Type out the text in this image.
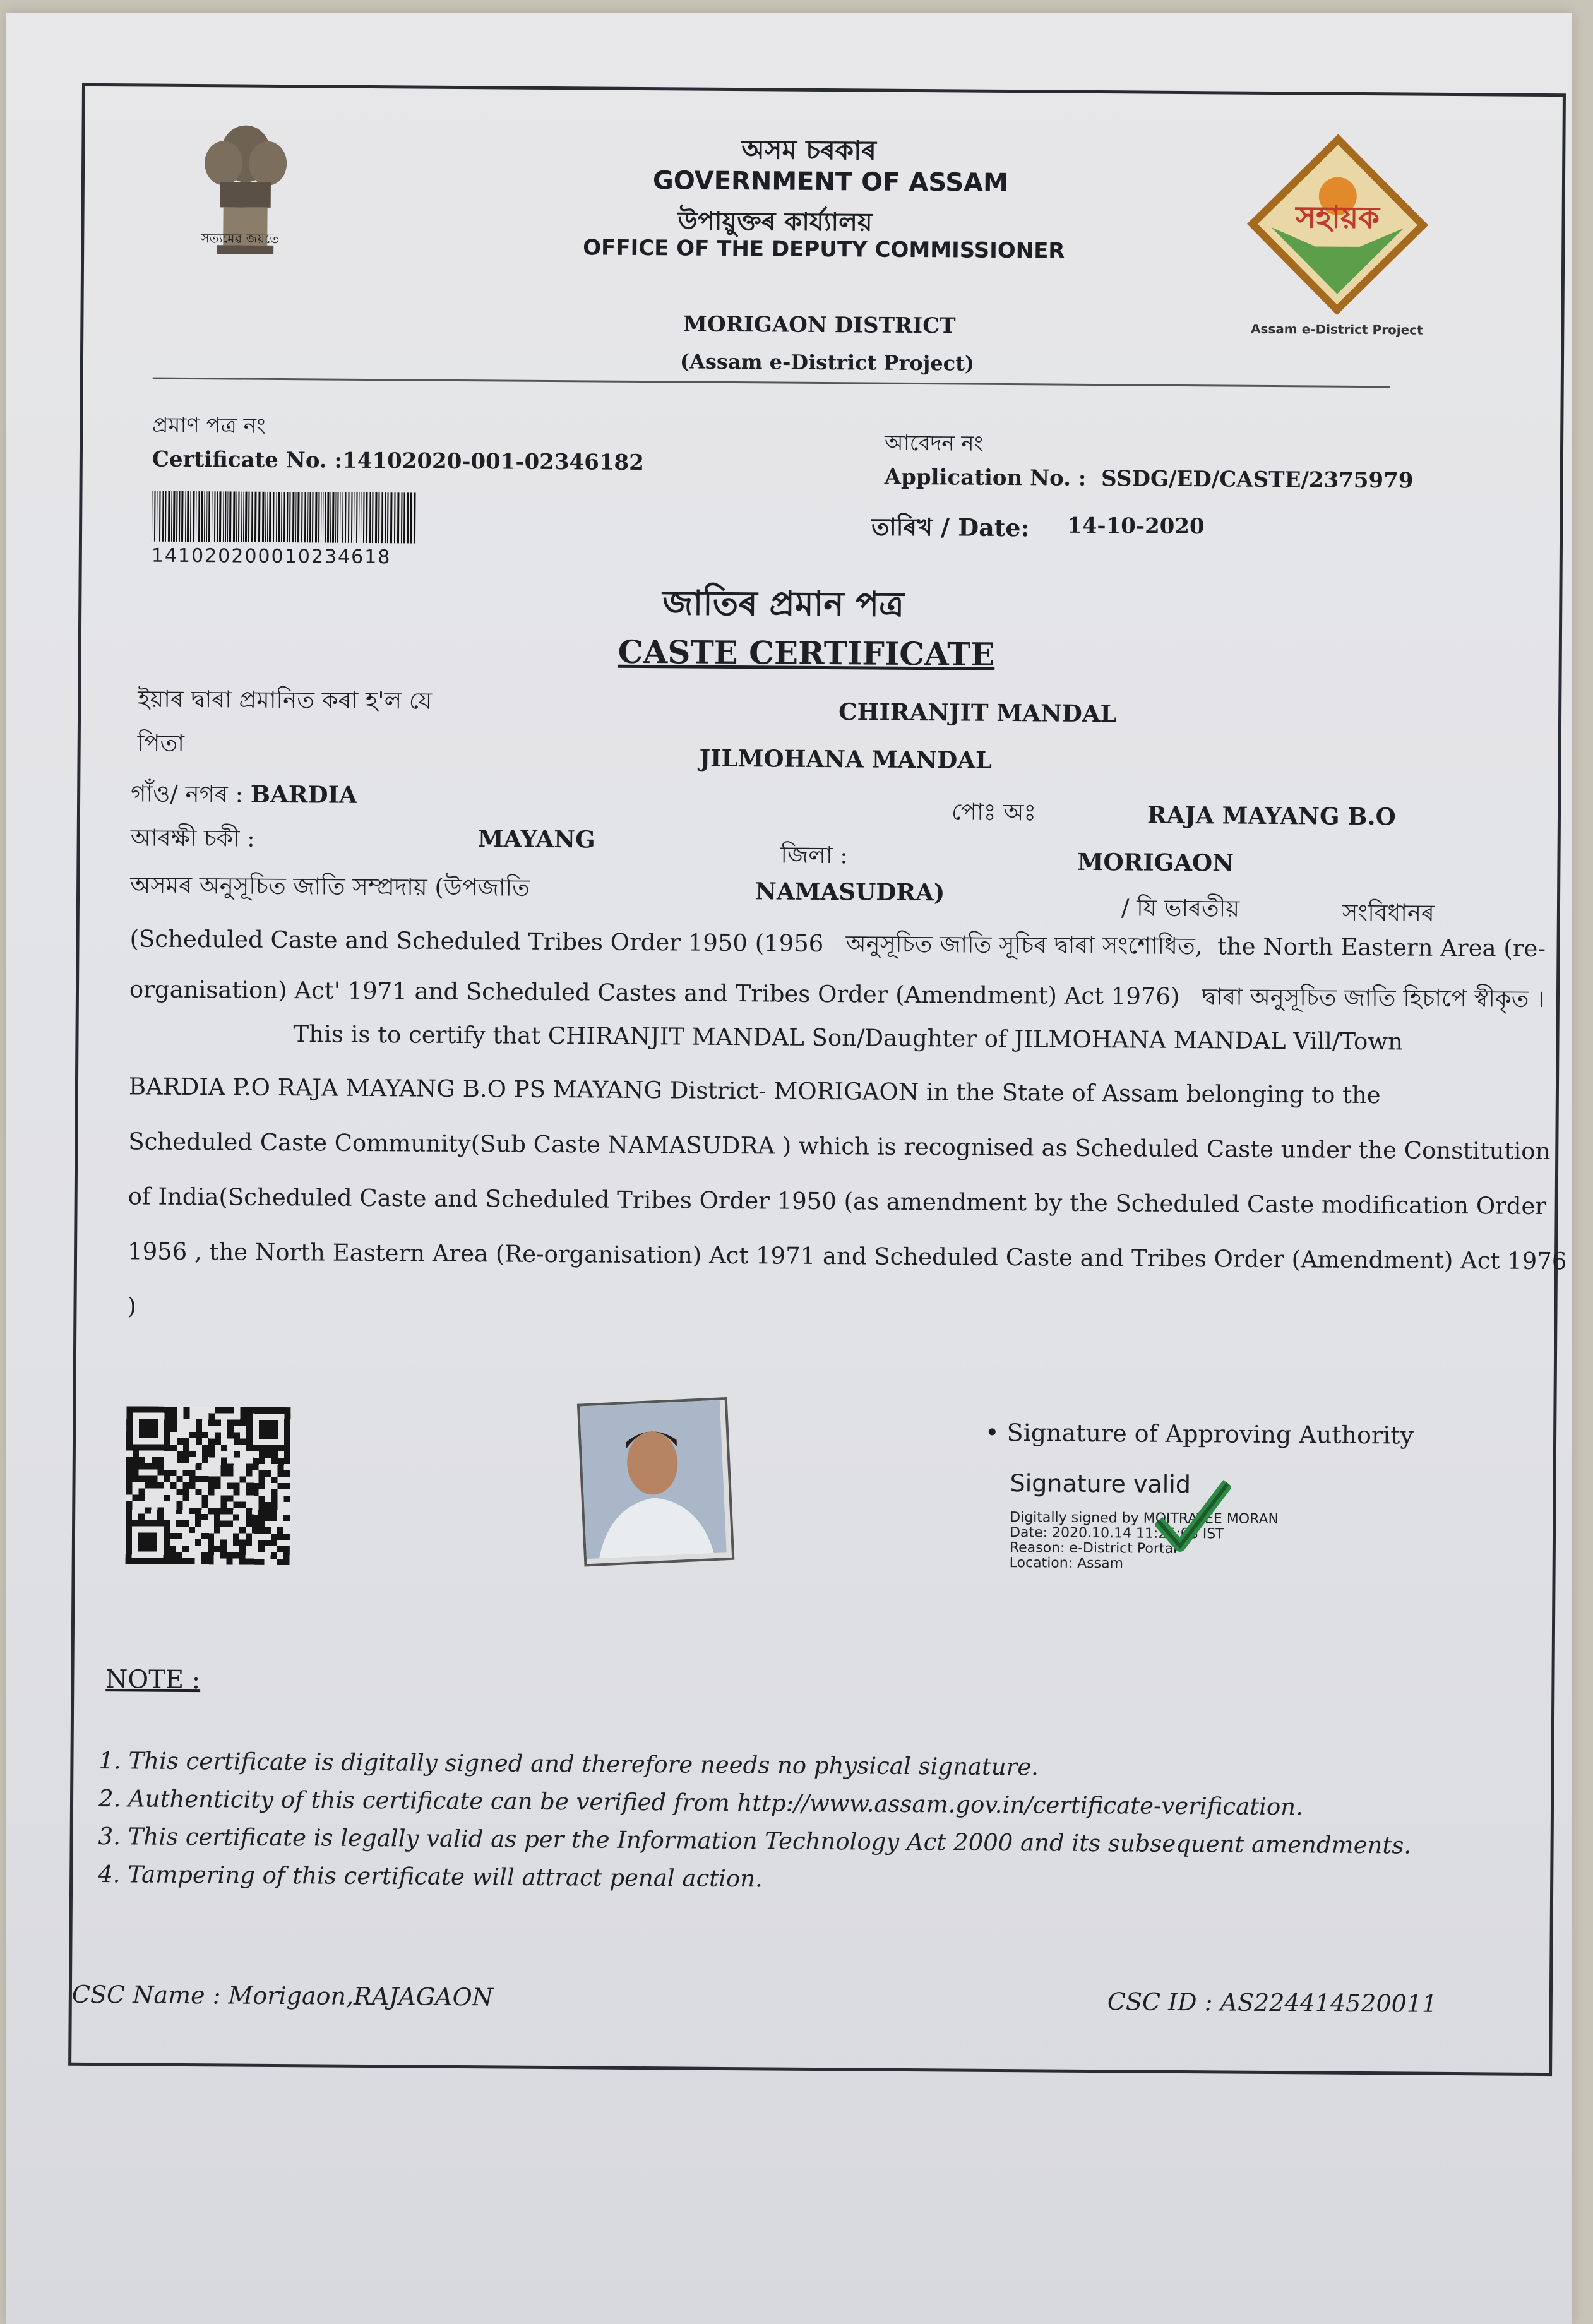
সত্যমেৱ জয়তে
অসম চৰকাৰ
GOVERNMENT OF ASSAM
উপায়ুক্তৰ কাৰ্য্যালয়
OFFICE OF THE DEPUTY COMMISSIONER
MORIGAON DISTRICT
(Assam e-District Project)
সহায়ক
Assam e-District Project
প্ৰমাণ পত্ৰ নং
Certificate No. :14102020-001-02346182
141020200010234618
আবেদন নং
Application No. : SSDG/ED/CASTE/2375979
তাৰিখ / Date: 14-10-2020
জাতিৰ প্ৰমান পত্ৰ
CASTE CERTIFICATE
ইয়াৰ দ্বাৰা প্ৰমানিত কৰা হ'ল যে	CHIRANJIT MANDAL
পিতা
JILMOHANA MANDAL
গাঁও/ নগৰ : BARDIA
পোঃ অঃ	RAJA MAYANG B.O
আৰক্ষী চকী :	MAYANG
জিলা :	MORIGAON
অসমৰ অনুসূচিত জাতি সম্প্ৰদায় (উপজাতি	NAMASUDRA)
/ যি ভাৰতীয়	সংবিধানৰ
(Scheduled Caste and Scheduled Tribes Order 1950 (1956 অনুসূচিত জাতি সূচিৰ দ্বাৰা সংশোধিত, the North Eastern Area (re-
organisation) Act' 1971 and Scheduled Castes and Tribes Order (Amendment) Act 1976) দ্বাৰা অনুসূচিত জাতি হিচাপে স্বীকৃত ।
This is to certify that CHIRANJIT MANDAL Son/Daughter of JILMOHANA MANDAL Vill/Town
BARDIA P.O RAJA MAYANG B.O PS MAYANG District- MORIGAON in the State of Assam belonging to the
Scheduled Caste Community(Sub Caste NAMASUDRA ) which is recognised as Scheduled Caste under the Constitution
of India(Scheduled Caste and Scheduled Tribes Order 1950 (as amendment by the Scheduled Caste modification Order
1956 , the North Eastern Area (Re-organisation) Act 1971 and Scheduled Caste and Tribes Order (Amendment) Act 1976
)
• Signature of Approving Authority
Signature valid
Digitally signed by MOITRAYEE MORAN
Date: 2020.10.14 11:26:08 IST
Reason: e-District Portal
Location: Assam
NOTE :
1. This certificate is digitally signed and therefore needs no physical signature.
2. Authenticity of this certificate can be verified from http://www.assam.gov.in/certificate-verification.
3. This certificate is legally valid as per the Information Technology Act 2000 and its subsequent amendments.
4. Tampering of this certificate will attract penal action.
CSC Name : Morigaon,RAJAGAON	CSC ID : AS224414520011
